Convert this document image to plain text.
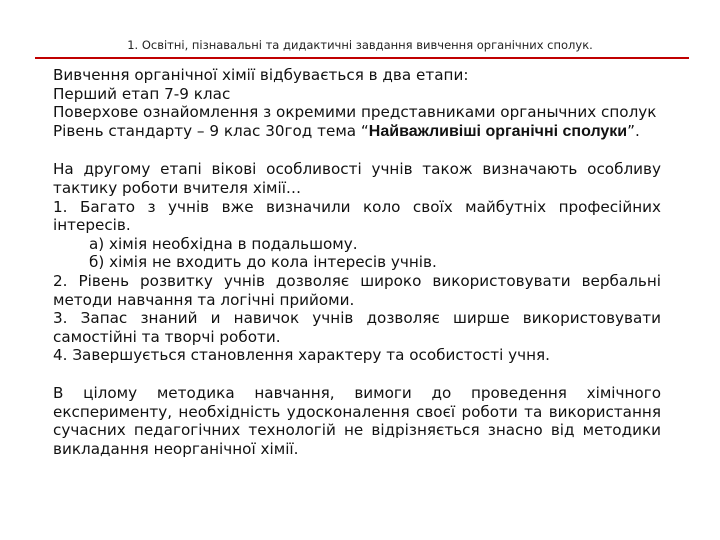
1. Освітні, пізнавальні та дидактичні завдання вивчення органічних сполук.

Вивчення органічної хімії відбувається в два етапи:

Перший етап 7-9 клас

Поверхове ознайомлення з окремими представниками органычних сполук

Рівень стандарту – 9 клас 30год тема “Найважливіші органічні сполуки”.

На другому етапі вікові особливості учнів також визначають особливу тактику роботи вчителя хімії…

1. Багато з учнів вже визначили коло своїх майбутніх професійних інтересів.

а) хімія необхідна в подальшому.

б) хімія не входить до кола інтересів учнів.

2. Рівень розвитку учнів дозволяє широко використовувати вербальні методи навчання та логічні прийоми.

3. Запас знаний и навичок учнів дозволяє ширше використовувати самостійні та творчі роботи.

4. Завершується становлення характеру та особистості учня.

В цілому методика навчання, вимоги до проведення хімічного експерименту, необхідність удосконалення своєї роботи та використання сучасних педагогічних технологій не відрізняється знасно від методики викладання неорганічної хімії.
